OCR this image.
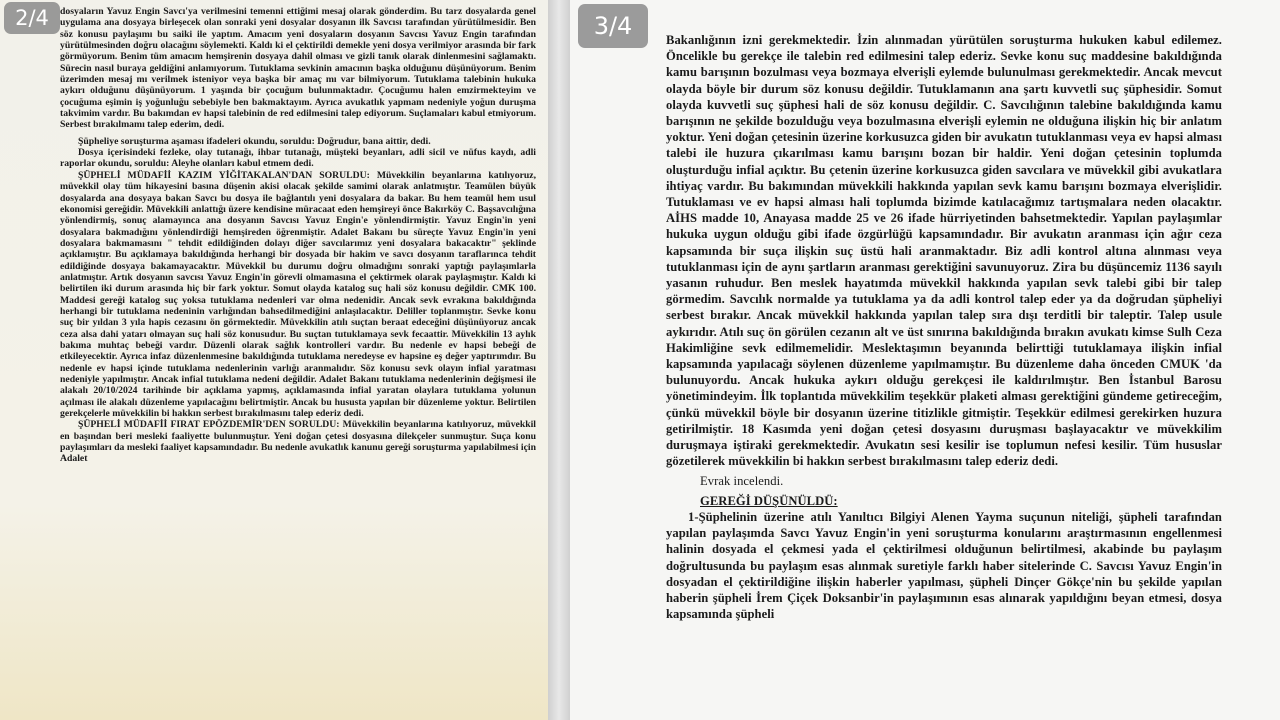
dosyaların Yavuz Engin Savcı'ya verilmesini temenni ettiğimi mesaj olarak gönderdim. Bu tarz dosyalarda genel uygulama ana dosyaya birleşecek olan sonraki yeni dosyalar dosyanın ilk Savcısı tarafından yürütülmesidir. Ben söz konusu paylaşımı bu saiki ile yaptım. Amacım yeni dosyaların dosyanın Savcısı Yavuz Engin tarafından yürütülmesinden doğru olacağını söylemekti. Kaldı ki el çektirildi demekle yeni dosya verilmiyor arasında bir fark görmüyorum. Benim tüm amacım hemşirenin dosyaya dahil olması ve gizli tanık olarak dinlenmesini sağlamaktı. Sürecin nasıl buraya geldiğini anlamıyorum. Tutuklama sevkinin amacının başka olduğunu düşünüyorum. Benim üzerimden mesaj mı verilmek isteniyor veya başka bir amaç mı var bilmiyorum. Tutuklama talebinin hukuka aykırı olduğunu düşünüyorum. 1 yaşında bir çocuğum bulunmaktadır. Çocuğumu halen emzirmekteyim ve çocuğuma eşimin iş yoğunluğu sebebiyle ben bakmaktayım. Ayrıca avukatlık yapmam nedeniyle yoğun duruşma takvimim vardır. Bu bakımdan ev hapsi talebinin de red edilmesini talep ediyorum. Suçlamaları kabul etmiyorum. Serbest bırakılmamı talep ederim, dedi.

Şüpheliye soruşturma aşaması ifadeleri okundu, soruldu: Doğrudur, bana aittir, dedi.

Dosya içerisindeki fezleke, olay tutanağı, ihbar tutanağı, müşteki beyanları, adli sicil ve nüfus kaydı, adli raporlar okundu, soruldu: Aleyhe olanları kabul etmem dedi.

ŞÜPHELİ MÜDAFİİ KAZIM YİĞİTAKALAN'DAN SORULDU: Müvekkilin beyanlarına katılıyoruz, müvekkil olay tüm hikayesini basına düşenin akisi olacak şekilde samimi olarak anlatmıştır. Teamülen büyük dosyalarda ana dosyaya bakan Savcı bu dosya ile bağlantılı yeni dosyalara da bakar. Bu hem teamül hem usul ekonomisi gereğidir. Müvekkili anlattığı üzere kendisine müracaat eden hemşireyi önce Bakırköy C. Başsavcılığına yönlendirmiş, sonuç alamayınca ana dosyanın Savcısı Yavuz Engin'e yönlendirmiştir. Yavuz Engin'in yeni dosyalara bakmadığını yönlendirdiği hemşireden öğrenmiştir. Adalet Bakanı bu süreçte Yavuz Engin'in yeni dosyalara bakmamasını " tehdit edildiğinden dolayı diğer savcılarımız yeni dosyalara bakacaktır" şeklinde açıklamıştır. Bu açıklamaya bakıldığında herhangi bir dosyada bir hakim ve savcı dosyanın taraflarınca tehdit edildiğinde dosyaya bakamayacaktır. Müvekkil bu durumu doğru olmadığını sonraki yaptığı paylaşımlarla anlatmıştır. Artık dosyanın savcısı Yavuz Engin'in görevli olmamasına el çektirmek olarak paylaşmıştır. Kaldı ki belirtilen iki durum arasında hiç bir fark yoktur. Somut olayda katalog suç hali söz konusu değildir. CMK 100. Maddesi gereği katalog suç yoksa tutuklama nedenleri var olma nedenidir. Ancak sevk evrakına bakıldığında herhangi bir tutuklama nedeninin varlığından bahsedilmediğini anlaşılacaktır. Deliller toplanmıştır. Sevke konu suç bir yıldan 3 yıla hapis cezasını ön görmektedir. Müvekkilin atılı suçtan beraat edeceğini düşünüyoruz ancak ceza alsa dahi yatarı olmayan suç hali söz konusudur. Bu suçtan tutuklamaya sevk fecaattir. Müvekkilin 13 aylık bakıma muhtaç bebeği vardır. Düzenli olarak sağlık kontrolleri vardır. Bu nedenle ev hapsi bebeği de etkileyecektir. Ayrıca infaz düzenlenmesine bakıldığında tutuklama neredeyse ev hapsine eş değer yaptırımdır. Bu nedenle ev hapsi içinde tutuklama nedenlerinin varlığı aranmalıdır. Söz konusu sevk olayın infial yaratması nedeniyle yapılmıştır. Ancak infial tutuklama nedeni değildir. Adalet Bakanı tutuklama nedenlerinin değişmesi ile alakalı 20/10/2024 tarihinde bir açıklama yapmış, açıklamasında infial yaratan olaylara tutuklama yolunun açılması ile alakalı düzenleme yapılacağını belirtmiştir. Ancak bu hususta yapılan bir düzenleme yoktur. Belirtilen gerekçelerle müvekkilin bi hakkın serbest bırakılmasını talep ederiz dedi.

ŞÜPHELİ MÜDAFİİ FIRAT EPÖZDEMİR'DEN SORULDU: Müvekkilin beyanlarına katılıyoruz, müvekkil en başından beri mesleki faaliyette bulunmuştur. Yeni doğan çetesi dosyasına dilekçeler sunmuştur. Suça konu paylaşımları da mesleki faaliyet kapsamındadır. Bu nedenle avukatlık kanunu gereği soruşturma yapılabilmesi için Adalet

Bakanlığının izni gerekmektedir. İzin alınmadan yürütülen soruşturma hukuken kabul edilemez. Öncelikle bu gerekçe ile talebin red edilmesini talep ederiz. Sevke konu suç maddesine bakıldığında kamu barışının bozulması veya bozmaya elverişli eylemde bulunulması gerekmektedir. Ancak mevcut olayda böyle bir durum söz konusu değildir. Tutuklamanın ana şartı kuvvetli suç şüphesidir. Somut olayda kuvvetli suç şüphesi hali de söz konusu değildir. C. Savcılığının talebine bakıldığında kamu barışının ne şekilde bozulduğu veya bozulmasına elverişli eylemin ne olduğuna ilişkin hiç bir anlatım yoktur. Yeni doğan çetesinin üzerine korkusuzca giden bir avukatın tutuklanması veya ev hapsi alması talebi ile huzura çıkarılması kamu barışını bozan bir haldir. Yeni doğan çetesinin toplumda oluşturduğu infial açıktır. Bu çetenin üzerine korkusuzca giden savcılara ve müvekkil gibi avukatlara ihtiyaç vardır. Bu bakımından müvekkili hakkında yapılan sevk kamu barışını bozmaya elverişlidir. Tutuklaması ve ev hapsi alması hali toplumda bizimde katılacağımız tartışmalara neden olacaktır. AİHS madde 10, Anayasa madde 25 ve 26 ifade hürriyetinden bahsetmektedir. Yapılan paylaşımlar hukuka uygun olduğu gibi ifade özgürlüğü kapsamındadır. Bir avukatın aranması için ağır ceza kapsamında bir suça ilişkin suç üstü hali aranmaktadır. Biz adli kontrol altına alınması veya tutuklanması için de aynı şartların aranması gerektiğini savunuyoruz. Zira bu düşüncemiz 1136 sayılı yasanın ruhudur. Ben meslek hayatımda müvekkil hakkında yapılan sevk talebi gibi bir talep görmedim. Savcılık normalde ya tutuklama ya da adli kontrol talep eder ya da doğrudan şüpheliyi serbest bırakır. Ancak müvekkil hakkında yapılan talep sıra dışı terditli bir taleptir. Talep usule aykırıdır. Atılı suç ön görülen cezanın alt ve üst sınırına bakıldığında bırakın avukatı kimse Sulh Ceza Hakimliğine sevk edilmemelidir. Meslektaşımın beyanında belirttiği tutuklamaya ilişkin infial kapsamında yapılacağı söylenen düzenleme yapılmamıştır. Bu düzenleme daha önceden CMUK 'da bulunuyordu. Ancak hukuka aykırı olduğu gerekçesi ile kaldırılmıştır. Ben İstanbul Barosu yönetimindeyim. İlk toplantıda müvekkilim teşekkür plaketi alması gerektiğini gündeme getireceğim, çünkü müvekkil böyle bir dosyanın üzerine titizlikle gitmiştir. Teşekkür edilmesi gerekirken huzura getirilmiştir. 18 Kasımda yeni doğan çetesi dosyasını duruşması başlayacaktır ve müvekkilim duruşmaya iştiraki gerekmektedir. Avukatın sesi kesilir ise toplumun nefesi kesilir. Tüm hususlar gözetilerek müvekkilin bi hakkın serbest bırakılmasını talep ederiz dedi.

Evrak incelendi.

GEREĞİ DÜŞÜNÜLDÜ:

1-Şüphelinin üzerine atılı Yanıltıcı Bilgiyi Alenen Yayma suçunun niteliği, şüpheli tarafından yapılan paylaşımda Savcı Yavuz Engin'in yeni soruşturma konularını araştırmasının engellenmesi halinin dosyada el çekmesi yada el çektirilmesi olduğunun belirtilmesi, akabinde bu paylaşım doğrultusunda bu paylaşım esas alınmak suretiyle farklı haber sitelerinde C. Savcısı Yavuz Engin'in dosyadan el çektirildiğine ilişkin haberler yapılması, şüpheli Dinçer Gökçe'nin bu şekilde yapılan haberin şüpheli İrem Çiçek Doksanbir'in paylaşımının esas alınarak yapıldığını beyan etmesi, dosya kapsamında şüpheli

2/4	3/4
